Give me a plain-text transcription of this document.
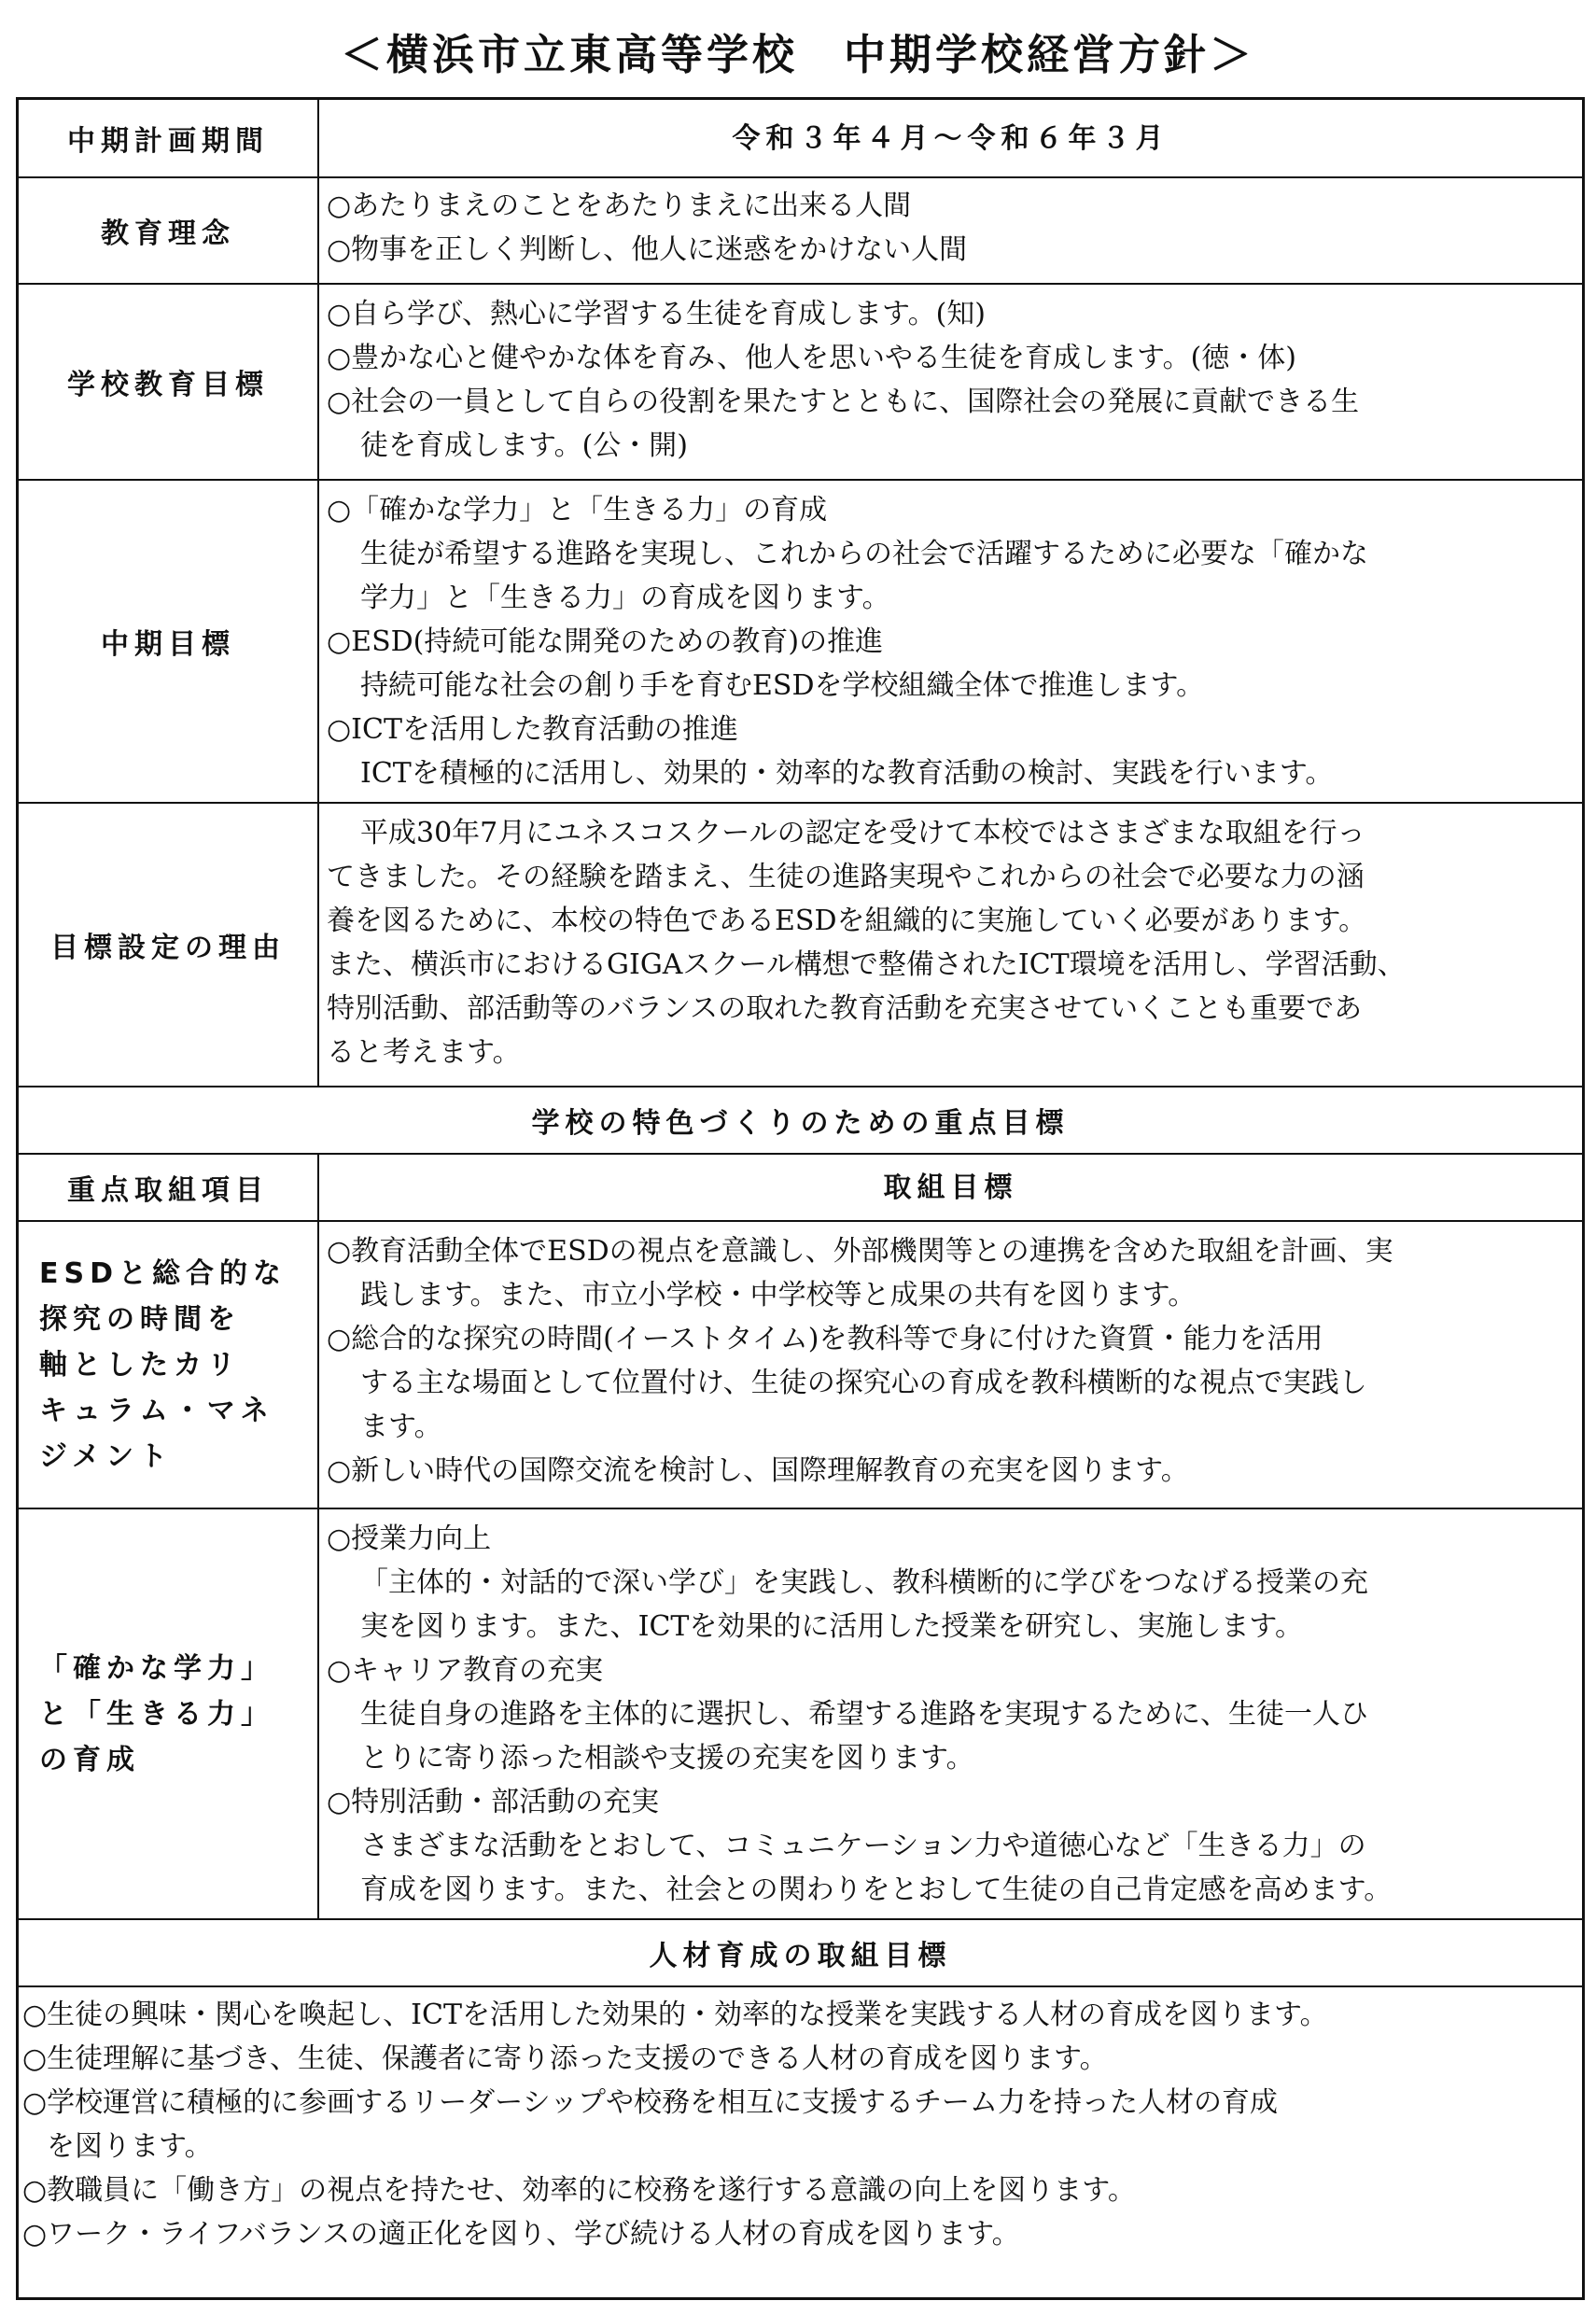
＜横浜市立東高等学校　中期学校経営方針＞
中期計画期間	令和３年４月～令和６年３月
教育理念
○あたりまえのことをあたりまえに出来る人間
○物事を正しく判断し、他人に迷惑をかけない人間
学校教育目標
○自ら学び、熱心に学習する生徒を育成します。(知)
○豊かな心と健やかな体を育み、他人を思いやる生徒を育成します。(徳・体)
○社会の一員として自らの役割を果たすとともに、国際社会の発展に貢献できる生
徒を育成します。(公・開)
中期目標
○「確かな学力」と「生きる力」の育成
生徒が希望する進路を実現し、これからの社会で活躍するために必要な「確かな
学力」と「生きる力」の育成を図ります。
○ESD(持続可能な開発のための教育)の推進
持続可能な社会の創り手を育むESDを学校組織全体で推進します。
○ICTを活用した教育活動の推進
ICTを積極的に活用し、効果的・効率的な教育活動の検討、実践を行います。
目標設定の理由
平成30年7月にユネスコスクールの認定を受けて本校ではさまざまな取組を行っ
てきました。その経験を踏まえ、生徒の進路実現やこれからの社会で必要な力の涵
養を図るために、本校の特色であるESDを組織的に実施していく必要があります。
また、横浜市におけるGIGAスクール構想で整備されたICT環境を活用し、学習活動、
特別活動、部活動等のバランスの取れた教育活動を充実させていくことも重要であ
ると考えます。
学校の特色づくりのための重点目標
重点取組項目	取組目標
ESDと総合的な
探究の時間を
軸としたカリ
キュラム・マネ
ジメント
○教育活動全体でESDの視点を意識し、外部機関等との連携を含めた取組を計画、実
践します。また、市立小学校・中学校等と成果の共有を図ります。
○総合的な探究の時間(イーストタイム)を教科等で身に付けた資質・能力を活用
する主な場面として位置付け、生徒の探究心の育成を教科横断的な視点で実践し
ます。
○新しい時代の国際交流を検討し、国際理解教育の充実を図ります。
「確かな学力」
と「生きる力」
の育成
○授業力向上
「主体的・対話的で深い学び」を実践し、教科横断的に学びをつなげる授業の充
実を図ります。また、ICTを効果的に活用した授業を研究し、実施します。
○キャリア教育の充実
生徒自身の進路を主体的に選択し、希望する進路を実現するために、生徒一人ひ
とりに寄り添った相談や支援の充実を図ります。
○特別活動・部活動の充実
さまざまな活動をとおして、コミュニケーション力や道徳心など「生きる力」の
育成を図ります。また、社会との関わりをとおして生徒の自己肯定感を高めます。
人材育成の取組目標
○生徒の興味・関心を喚起し、ICTを活用した効果的・効率的な授業を実践する人材の育成を図ります。
○生徒理解に基づき、生徒、保護者に寄り添った支援のできる人材の育成を図ります。
○学校運営に積極的に参画するリーダーシップや校務を相互に支援するチーム力を持った人材の育成
を図ります。
○教職員に「働き方」の視点を持たせ、効率的に校務を遂行する意識の向上を図ります。
○ワーク・ライフバランスの適正化を図り、学び続ける人材の育成を図ります。
